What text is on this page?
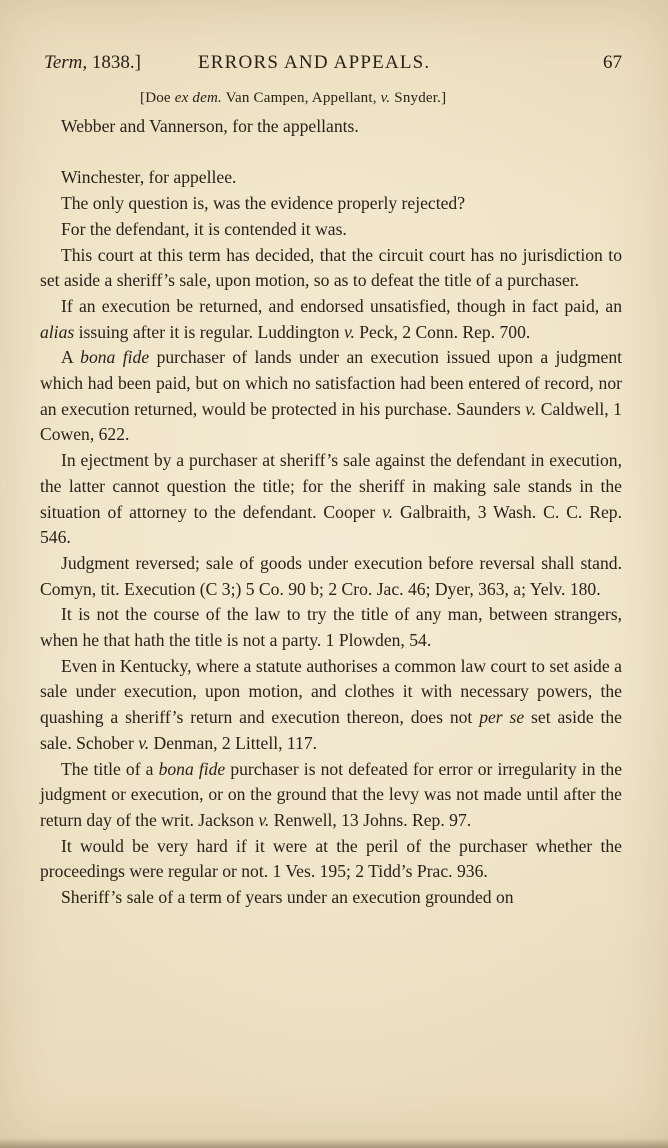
Term, 1838.]	ERRORS AND APPEALS.	67
[Doe ex dem. Van Campen, Appellant, v. Snyder.]

Webber and Vannerson, for the appellants.

Winchester, for appellee.

The only question is, was the evidence properly rejected?

For the defendant, it is contended it was.

This court at this term has decided, that the circuit court has no jurisdiction to set aside a sheriff’s sale, upon motion, so as to defeat the title of a purchaser.

If an execution be returned, and endorsed unsatisfied, though in fact paid, an alias issuing after it is regular. Luddington v. Peck, 2 Conn. Rep. 700.

A bona fide purchaser of lands under an execution issued upon a judgment which had been paid, but on which no satisfaction had been entered of record, nor an execution returned, would be protected in his purchase. Saunders v. Caldwell, 1 Cowen, 622.

In ejectment by a purchaser at sheriff’s sale against the defendant in execution, the latter cannot question the title; for the sheriff in making sale stands in the situation of attorney to the defendant. Cooper v. Galbraith, 3 Wash. C. C. Rep. 546.

Judgment reversed; sale of goods under execution before reversal shall stand. Comyn, tit. Execution (C 3;) 5 Co. 90 b; 2 Cro. Jac. 46; Dyer, 363, a; Yelv. 180.

It is not the course of the law to try the title of any man, between strangers, when he that hath the title is not a party. 1 Plowden, 54.

Even in Kentucky, where a statute authorises a common law court to set aside a sale under execution, upon motion, and clothes it with necessary powers, the quashing a sheriff’s return and execution thereon, does not per se set aside the sale. Schober v. Denman, 2 Littell, 117.

The title of a bona fide purchaser is not defeated for error or irregularity in the judgment or execution, or on the ground that the levy was not made until after the return day of the writ. Jackson v. Renwell, 13 Johns. Rep. 97.

It would be very hard if it were at the peril of the purchaser whether the proceedings were regular or not. 1 Ves. 195; 2 Tidd’s Prac. 936.

Sheriff’s sale of a term of years under an execution grounded on
